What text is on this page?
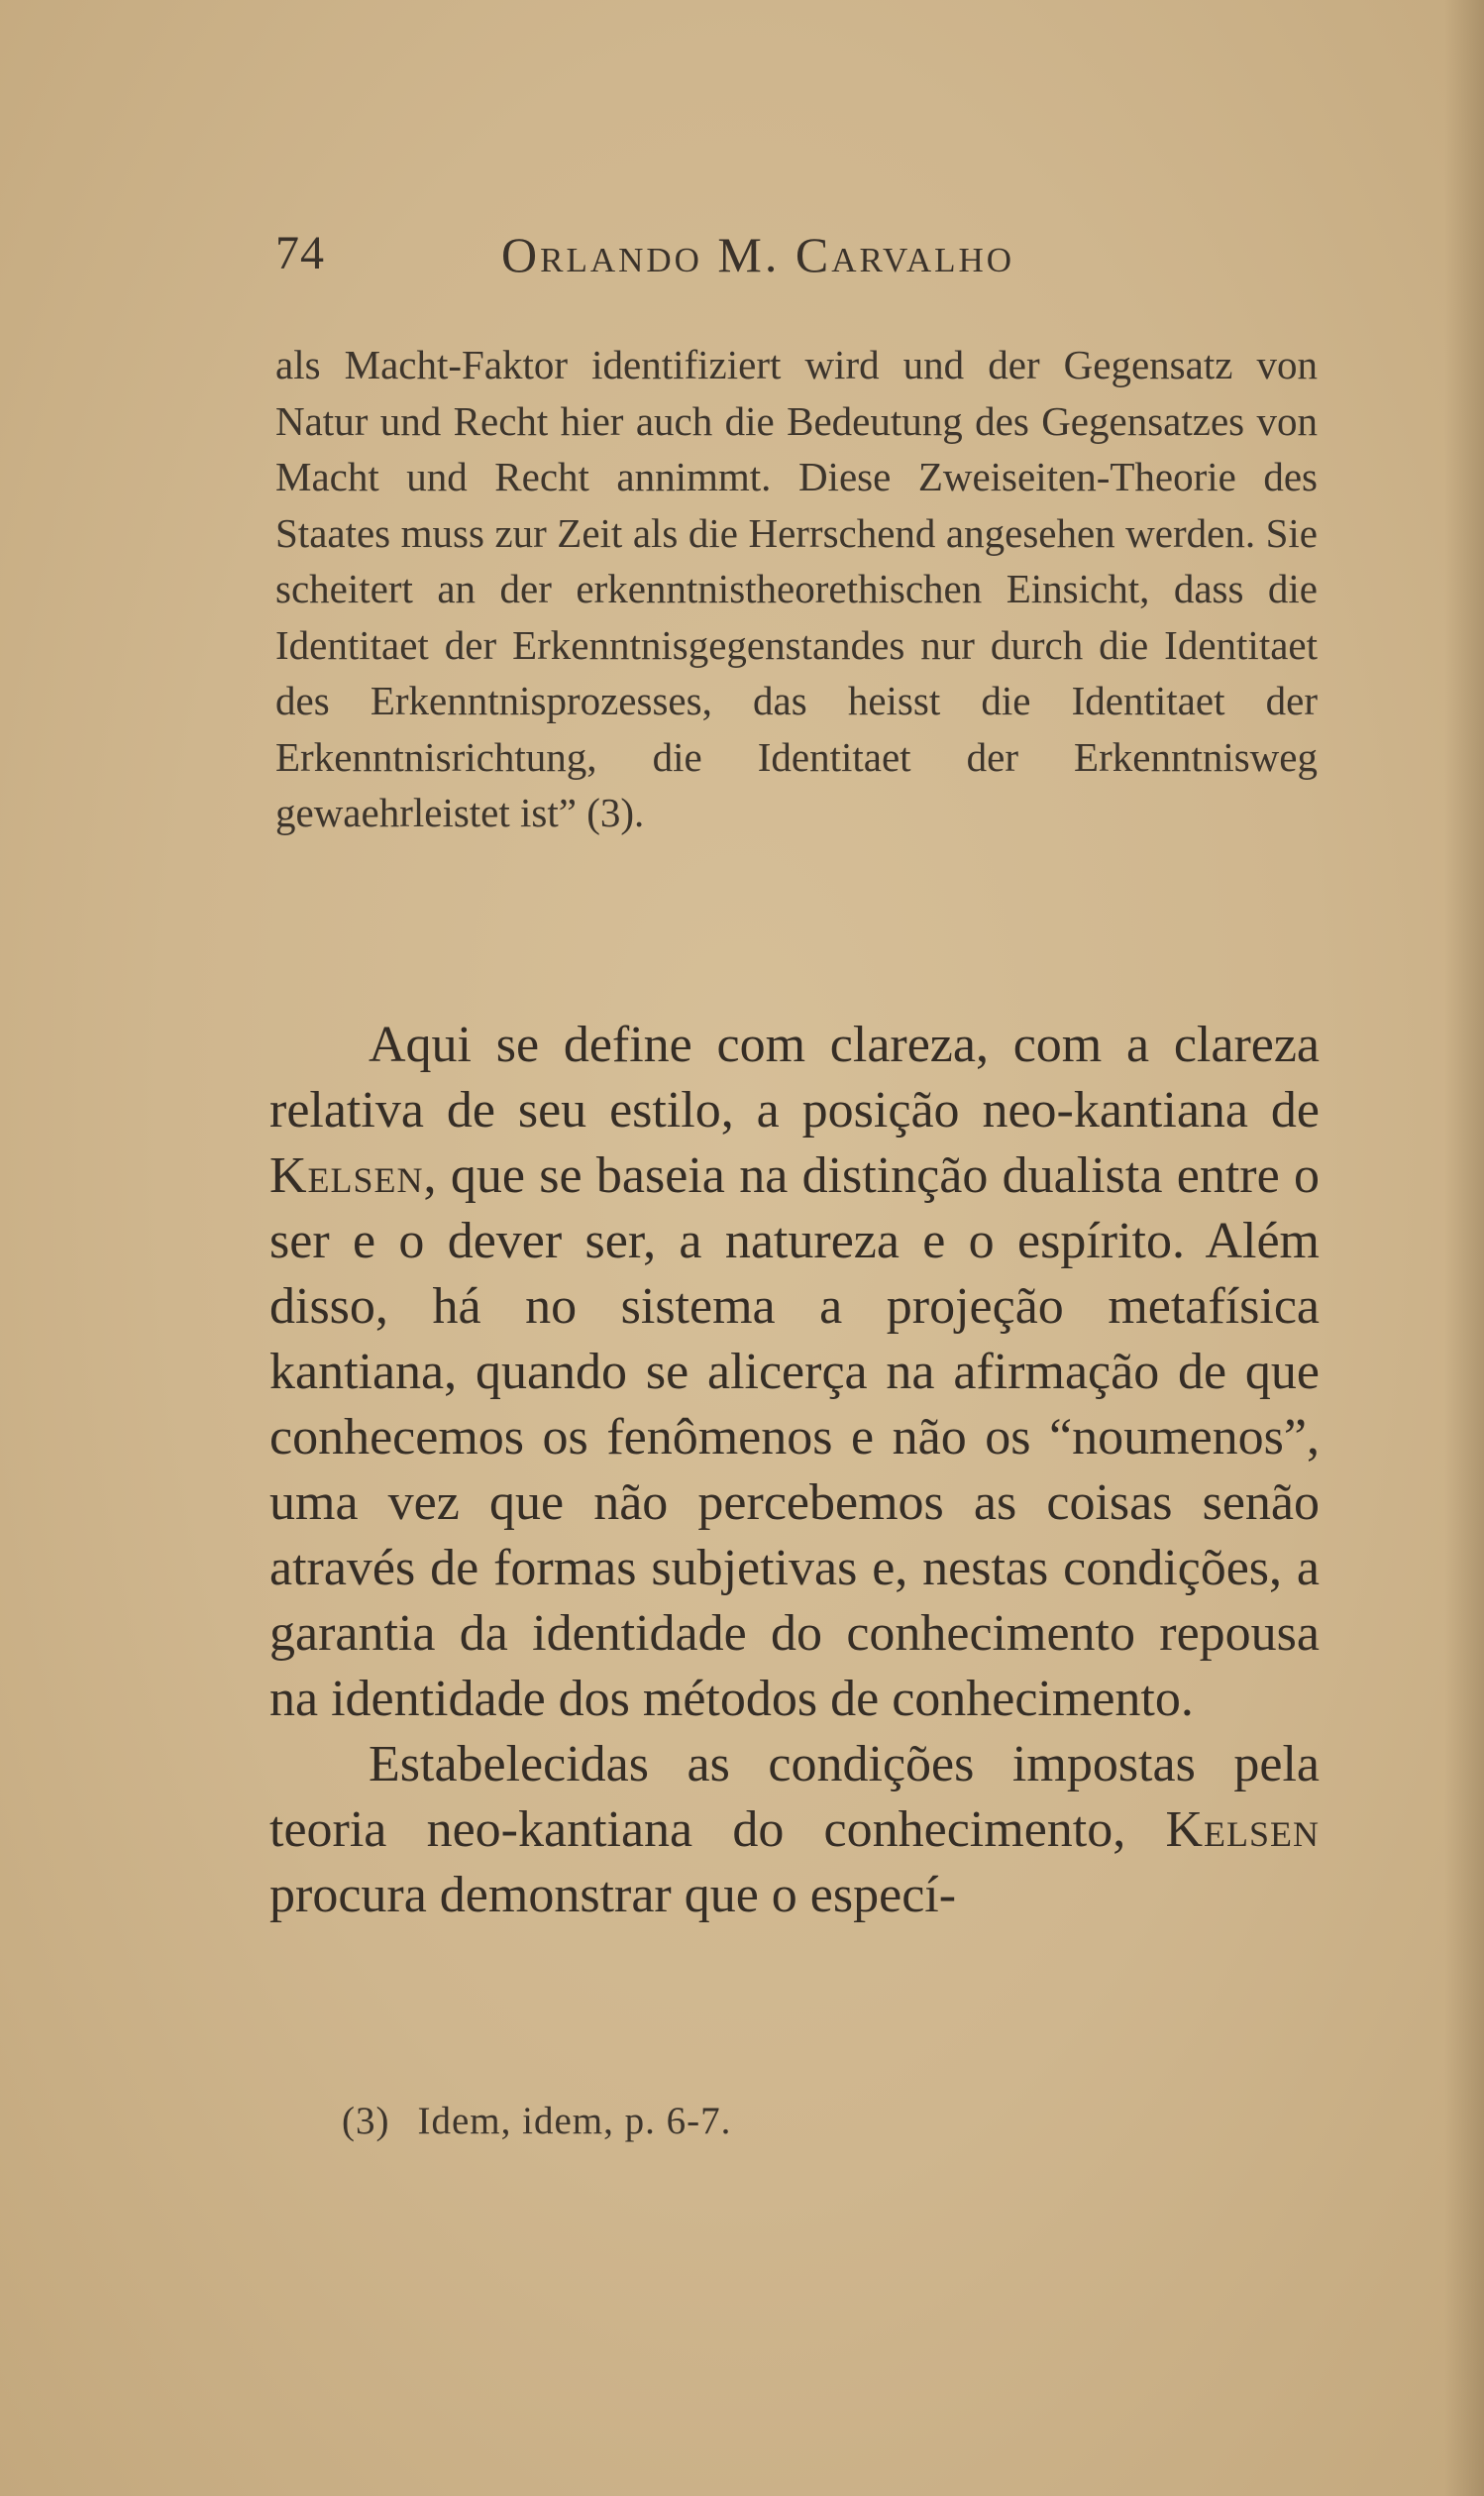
74	Orlando M. Carvalho
als Macht-Faktor identifiziert wird und der Gegensatz von Natur und Recht hier auch die Bedeutung des Gegensatzes von Macht und Recht annimmt. Diese Zweiseiten-Theorie des Staates muss zur Zeit als die Herrschend angesehen werden. Sie scheitert an der erkenntnistheorethischen Einsicht, dass die Identitaet der Erkenntnisgegenstandes nur durch die Identitaet des Erkenntnisprozesses, das heisst die Identitaet der Erkenntnisrichtung, die Identitaet der Erkenntnisweg gewaehrleistet ist” (3).

Aqui se define com clareza, com a clareza relativa de seu estilo, a posição neo-kantiana de Kelsen, que se baseia na distinção dualista entre o ser e o dever ser, a natureza e o espírito. Além disso, há no sistema a projeção metafísica kantiana, quando se alicerça na afirmação de que conhecemos os fenômenos e não os “noumenos”, uma vez que não percebemos as coisas senão através de formas subjetivas e, nestas condições, a garantia da identidade do conhecimento repousa na identidade dos métodos de conhecimento.

Estabelecidas as condições impostas pela teoria neo-kantiana do conhecimento, Kelsen procura demonstrar que o especí-

(3) Idem, idem, p. 6-7.
